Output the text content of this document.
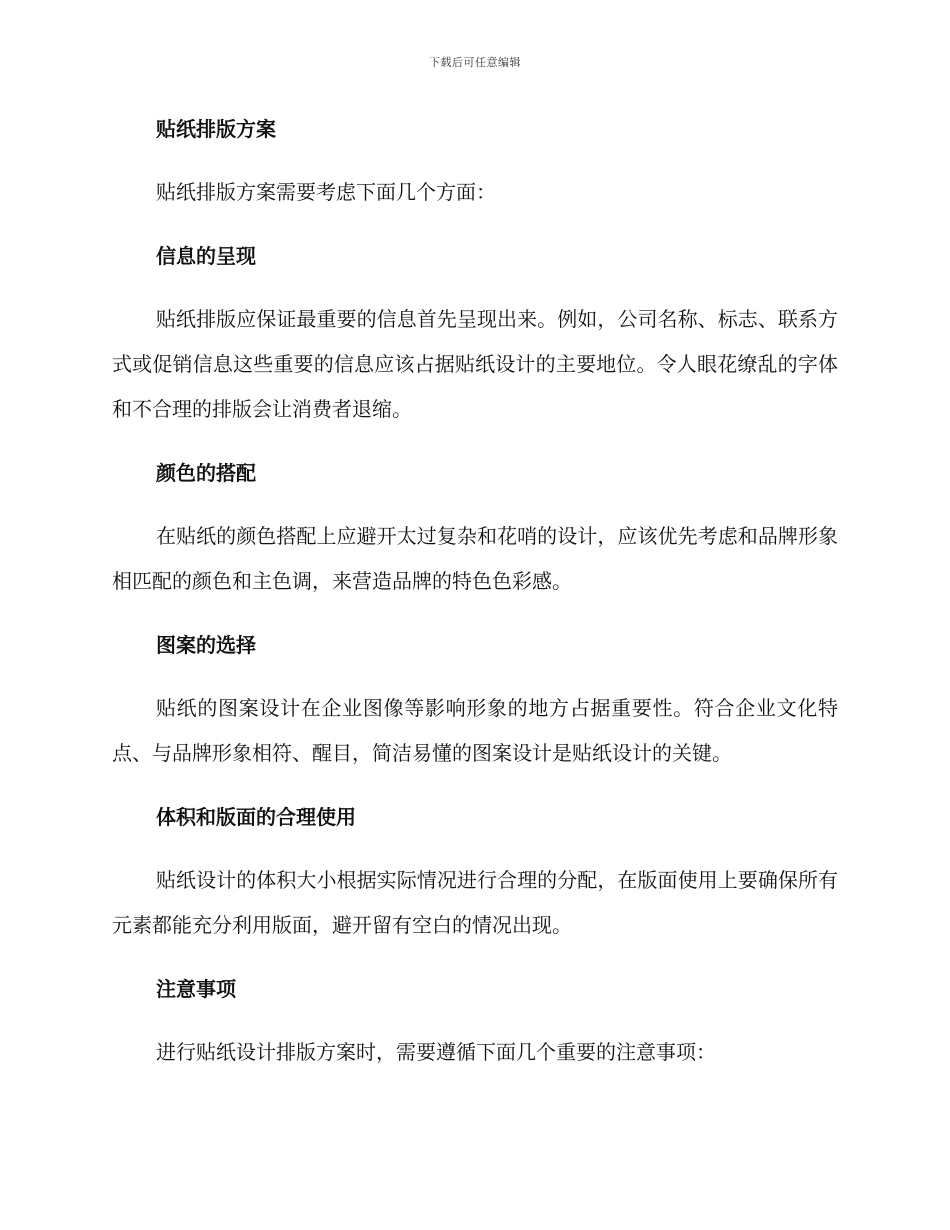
下载后可任意编辑
贴纸排版方案

贴纸排版方案需要考虑下面几个方面：

信息的呈现

贴纸排版应保证最重要的信息首先呈现出来。例如，公司名称、标志、联系方式或促销信息这些重要的信息应该占据贴纸设计的主要地位。令人眼花缭乱的字体和不合理的排版会让消费者退缩。

颜色的搭配

在贴纸的颜色搭配上应避开太过复杂和花哨的设计，应该优先考虑和品牌形象相匹配的颜色和主色调，来营造品牌的特色色彩感。

图案的选择

贴纸的图案设计在企业图像等影响形象的地方占据重要性。符合企业文化特点、与品牌形象相符、醒目，简洁易懂的图案设计是贴纸设计的关键。

体积和版面的合理使用

贴纸设计的体积大小根据实际情况进行合理的分配，在版面使用上要确保所有元素都能充分利用版面，避开留有空白的情况出现。

注意事项

进行贴纸设计排版方案时，需要遵循下面几个重要的注意事项：
